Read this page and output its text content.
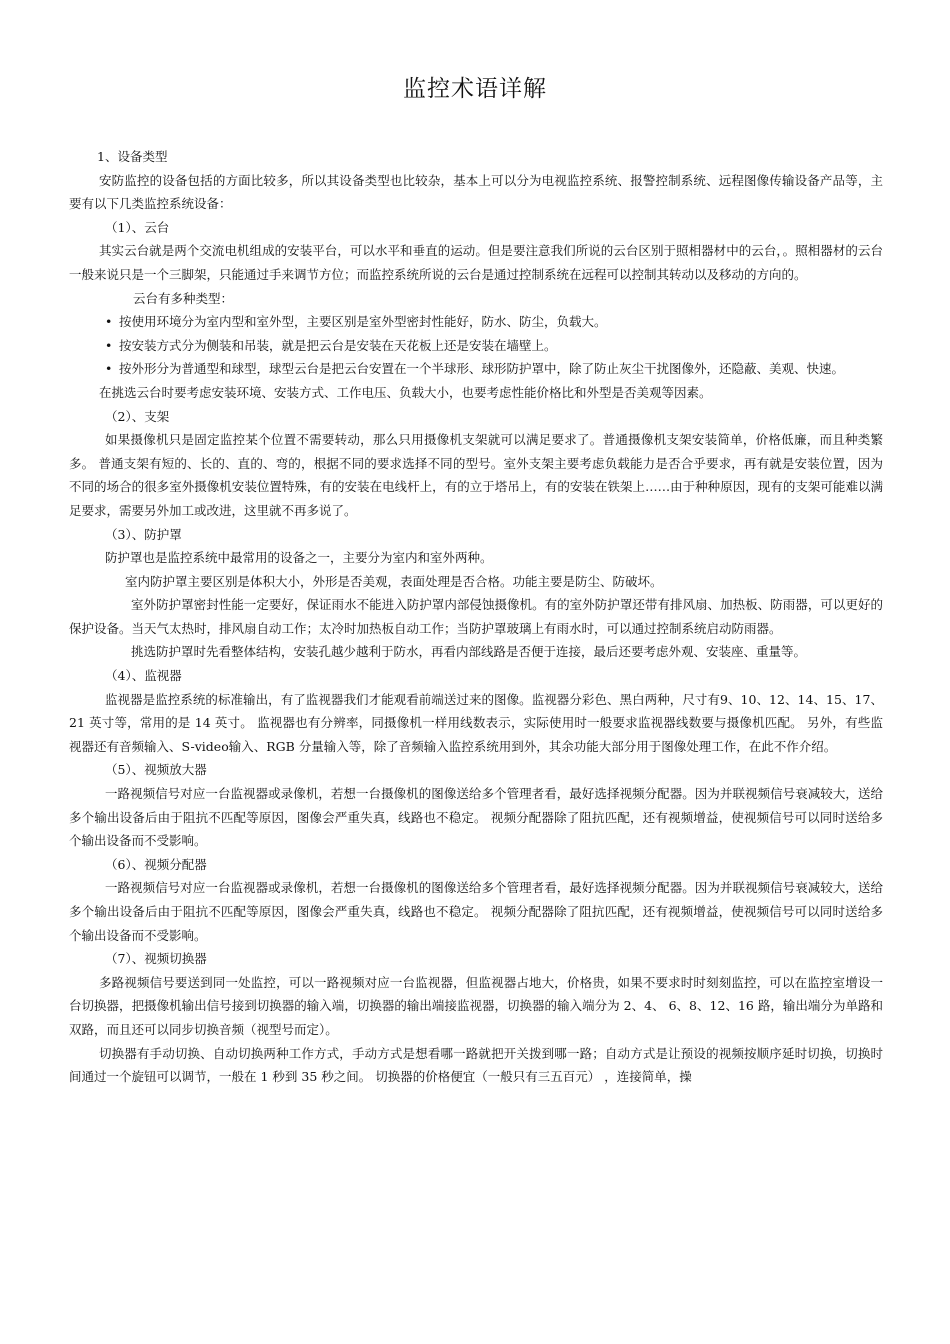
监控术语详解

1、设备类型

安防监控的设备包括的方面比较多，所以其设备类型也比较杂，基本上可以分为电视监控系统、报警控制系统、远程图像传输设备产品等，主要有以下几类监控系统设备：

（1）、云台

其实云台就是两个交流电机组成的安装平台，可以水平和垂直的运动。但是要注意我们所说的云台区别于照相器材中的云台，。照相器材的云台一般来说只是一个三脚架，只能通过手来调节方位；而监控系统所说的云台是通过控制系统在远程可以控制其转动以及移动的方向的。

云台有多种类型：

• 按使用环境分为室内型和室外型，主要区别是室外型密封性能好，防水、防尘，负载大。

• 按安装方式分为侧装和吊装，就是把云台是安装在天花板上还是安装在墙壁上。

• 按外形分为普通型和球型，球型云台是把云台安置在一个半球形、球形防护罩中，除了防止灰尘干扰图像外，还隐蔽、美观、快速。

在挑选云台时要考虑安装环境、安装方式、工作电压、负载大小，也要考虑性能价格比和外型是否美观等因素。

（2）、支架

如果摄像机只是固定监控某个位置不需要转动，那么只用摄像机支架就可以满足要求了。普通摄像机支架安装简单，价格低廉，而且种类繁多。 普通支架有短的、长的、直的、弯的，根据不同的要求选择不同的型号。室外支架主要考虑负载能力是否合乎要求，再有就是安装位置，因为不同的场合的很多室外摄像机安装位置特殊，有的安装在电线杆上，有的立于塔吊上，有的安装在铁架上……由于种种原因，现有的支架可能难以满足要求，需要另外加工或改进，这里就不再多说了。

（3）、防护罩

防护罩也是监控系统中最常用的设备之一，主要分为室内和室外两种。

室内防护罩主要区别是体积大小，外形是否美观，表面处理是否合格。功能主要是防尘、防破坏。

室外防护罩密封性能一定要好，保证雨水不能进入防护罩内部侵蚀摄像机。有的室外防护罩还带有排风扇、加热板、防雨器，可以更好的保护设备。当天气太热时，排风扇自动工作；太冷时加热板自动工作；当防护罩玻璃上有雨水时，可以通过控制系统启动防雨器。

挑选防护罩时先看整体结构，安装孔越少越利于防水，再看内部线路是否便于连接，最后还要考虑外观、安装座、重量等。

（4）、监视器

监视器是监控系统的标准输出，有了监视器我们才能观看前端送过来的图像。监视器分彩色、黑白两种，尺寸有9、10、12、14、15、17、21 英寸等，常用的是 14 英寸。 监视器也有分辨率，同摄像机一样用线数表示，实际使用时一般要求监视器线数要与摄像机匹配。 另外，有些监视器还有音频输入、S-video输入、RGB 分量输入等，除了音频输入监控系统用到外，其余功能大部分用于图像处理工作，在此不作介绍。

（5）、视频放大器

一路视频信号对应一台监视器或录像机，若想一台摄像机的图像送给多个管理者看，最好选择视频分配器。因为并联视频信号衰减较大，送给多个输出设备后由于阻抗不匹配等原因，图像会严重失真，线路也不稳定。 视频分配器除了阻抗匹配，还有视频增益，使视频信号可以同时送给多个输出设备而不受影响。

（6）、视频分配器

一路视频信号对应一台监视器或录像机，若想一台摄像机的图像送给多个管理者看，最好选择视频分配器。因为并联视频信号衰减较大，送给多个输出设备后由于阻抗不匹配等原因，图像会严重失真，线路也不稳定。 视频分配器除了阻抗匹配，还有视频增益，使视频信号可以同时送给多个输出设备而不受影响。

（7）、视频切换器

多路视频信号要送到同一处监控，可以一路视频对应一台监视器，但监视器占地大，价格贵，如果不要求时时刻刻监控，可以在监控室增设一台切换器，把摄像机输出信号接到切换器的输入端，切换器的输出端接监视器，切换器的输入端分为 2、4、 6、8、12、16 路，输出端分为单路和双路，而且还可以同步切换音频（视型号而定）。

切换器有手动切换、自动切换两种工作方式，手动方式是想看哪一路就把开关拨到哪一路；自动方式是让预设的视频按顺序延时切换，切换时间通过一个旋钮可以调节，一般在 1 秒到 35 秒之间。 切换器的价格便宜（一般只有三五百元） ，连接简单，操
